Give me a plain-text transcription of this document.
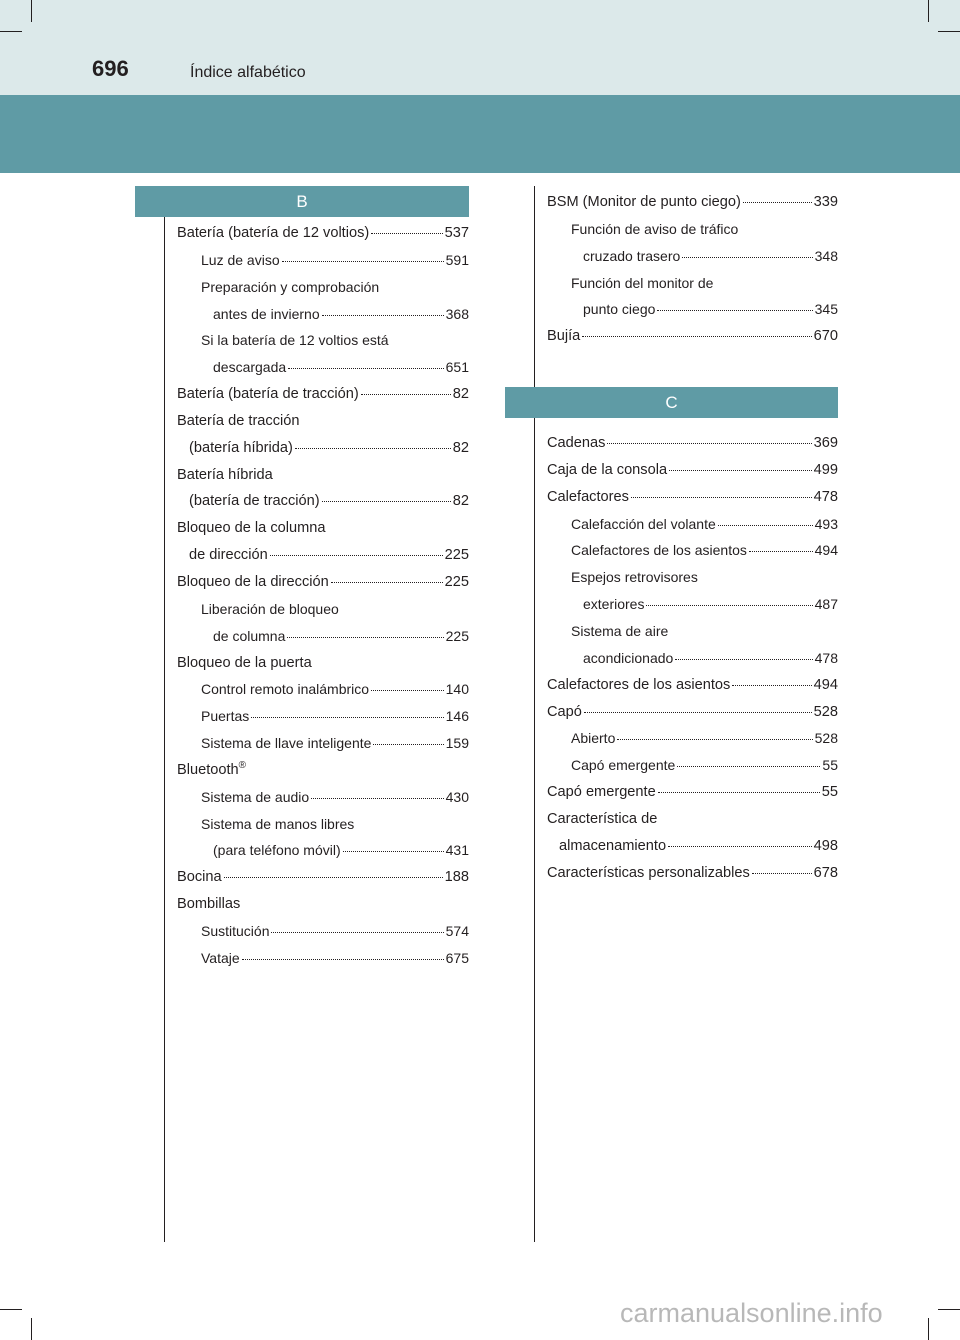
696	Índice alfabético
B
Batería (batería de 12 voltios)	537
Luz de aviso	591
Preparación y comprobación
antes de invierno	368
Si la batería de 12 voltios está
descargada	651
Batería (batería de tracción)	82
Batería de tracción
(batería híbrida)	82
Batería híbrida
(batería de tracción)	82
Bloqueo de la columna
de dirección	225
Bloqueo de la dirección	225
Liberación de bloqueo
de columna	225
Bloqueo de la puerta
Control remoto inalámbrico	140
Puertas	146
Sistema de llave inteligente	159
Bluetooth ®
Sistema de audio	430
Sistema de manos libres
(para teléfono móvil)	431
Bocina	188
Bombillas
Sustitución	574
Vataje	675
BSM (Monitor de punto ciego)	339
Función de aviso de tráfico
cruzado trasero	348
Función del monitor de
punto ciego	345
Bujía	670
C
Cadenas	369
Caja de la consola	499
Calefactores	478
Calefacción del volante	493
Calefactores de los asientos	494
Espejos retrovisores
exteriores	487
Sistema de aire
acondicionado	478
Calefactores de los asientos	494
Capó	528
Abierto	528
Capó emergente	55
Capó emergente	55
Característica de
almacenamiento	498
Características personalizables	678
carmanualsonline.info
